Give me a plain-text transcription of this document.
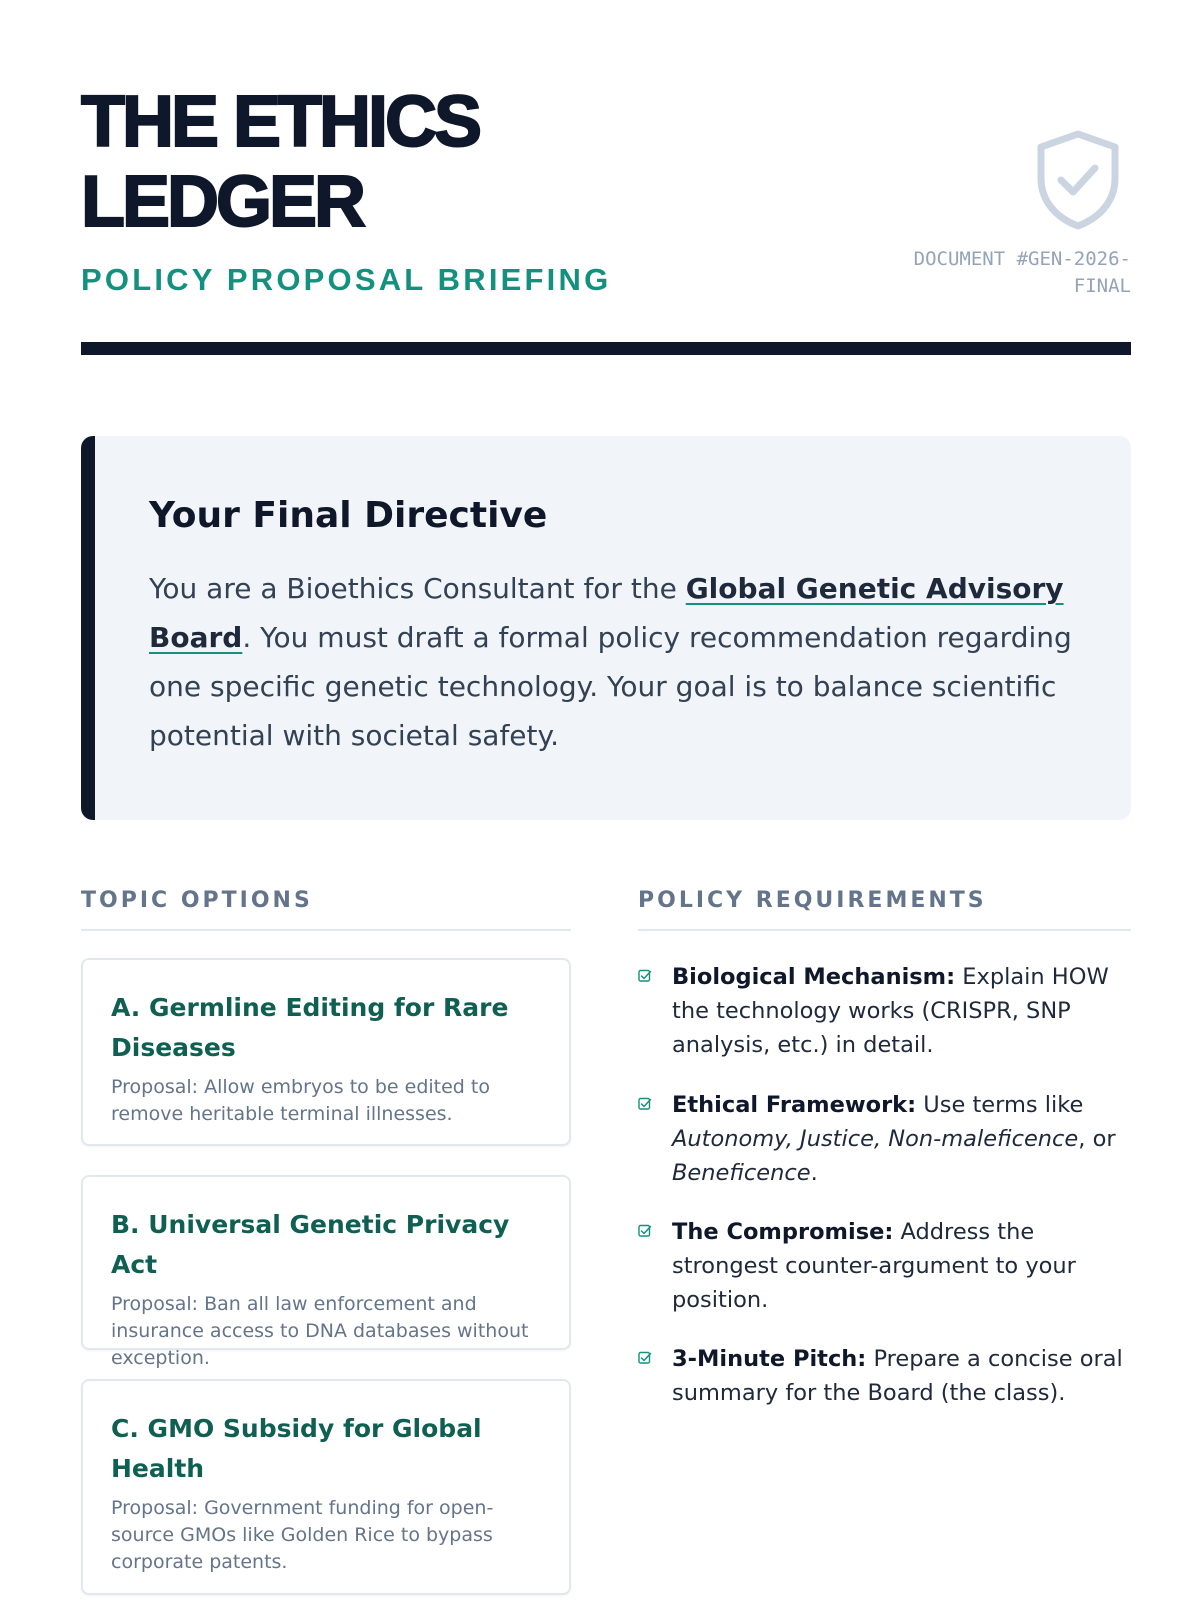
THE ETHICS
LEDGER
POLICY PROPOSAL BRIEFING
DOCUMENT #GEN-2026-FINAL
Your Final Directive

You are a Bioethics Consultant for the Global Genetic Advisory Board. You must draft a formal policy recommendation regarding one specific genetic technology. Your goal is to balance scientific potential with societal safety.

TOPIC OPTIONS
A. Germline Editing for Rare Diseases

Proposal: Allow embryos to be edited to remove heritable terminal illnesses.

B. Universal Genetic Privacy Act

Proposal: Ban all law enforcement and insurance access to DNA databases without exception.

C. GMO Subsidy for Global Health

Proposal: Government funding for open-source GMOs like Golden Rice to bypass corporate patents.

POLICY REQUIREMENTS
Biological Mechanism: Explain HOW the technology works (CRISPR, SNP analysis, etc.) in detail.
Ethical Framework: Use terms like Autonomy, Justice, Non-maleficence, or Beneficence.
The Compromise: Address the strongest counter-argument to your position.
3-Minute Pitch: Prepare a concise oral summary for the Board (the class).
